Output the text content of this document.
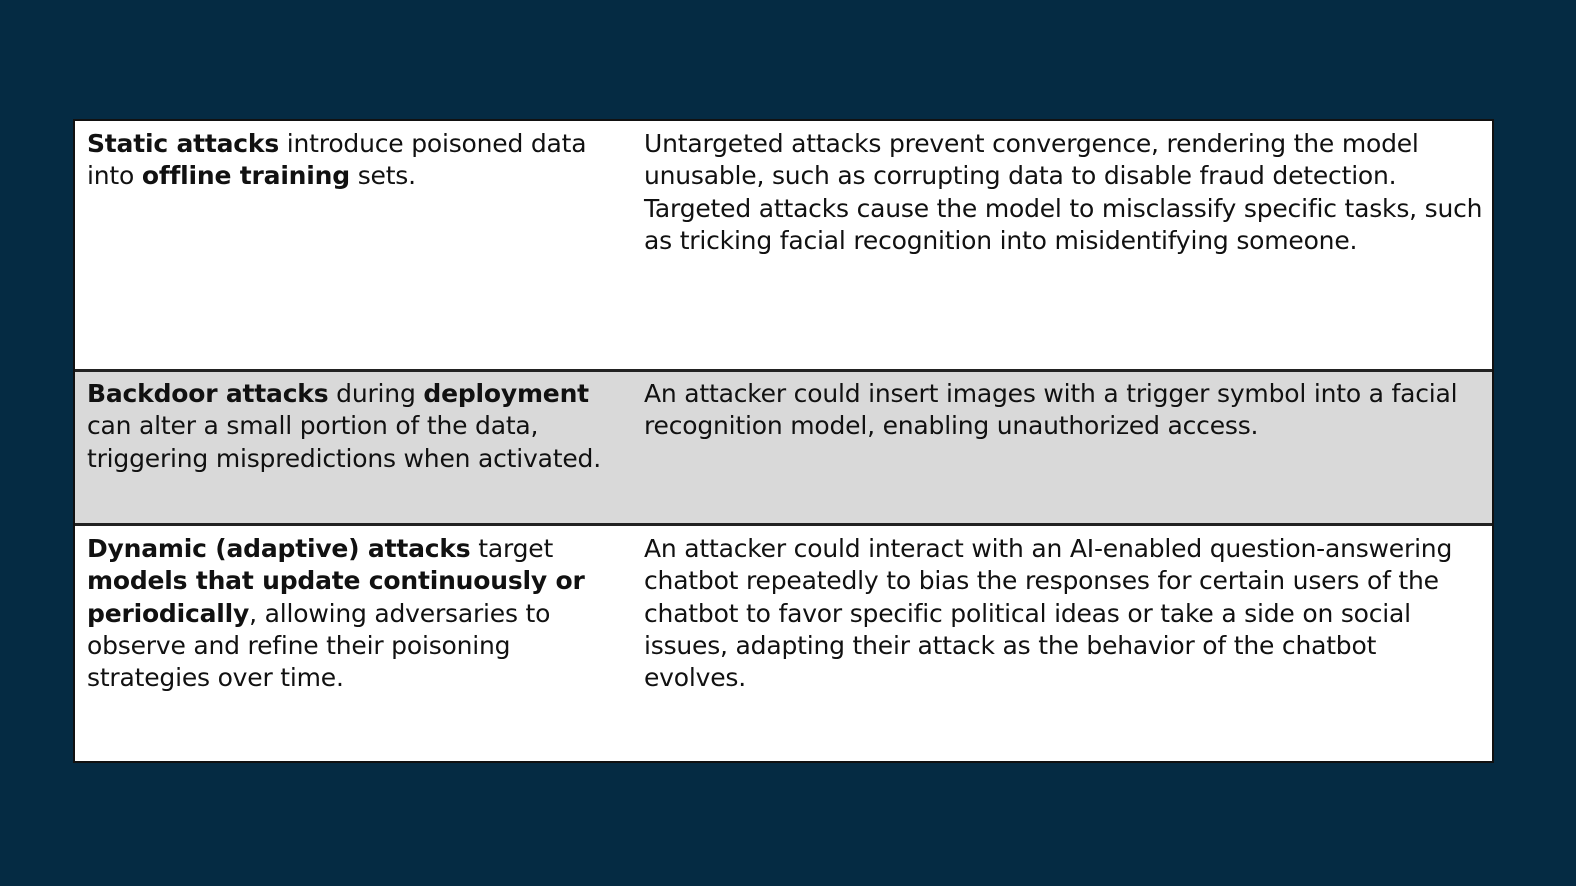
Static attacks introduce poisoned data into offline training sets.

Untargeted attacks prevent convergence, rendering the model unusable, such as corrupting data to disable fraud detection.

Targeted attacks cause the model to misclassify specific tasks, such as tricking facial recognition into misidentifying someone.

Backdoor attacks during deployment can alter a small portion of the data, triggering mispredictions when activated.

An attacker could insert images with a trigger symbol into a facial recognition model, enabling unauthorized access.

Dynamic (adaptive) attacks target models that update continuously or periodically, allowing adversaries to observe and refine their poisoning strategies over time.

An attacker could interact with an AI-enabled question-answering chatbot repeatedly to bias the responses for certain users of the chatbot to favor specific political ideas or take a side on social issues, adapting their attack as the behavior of the chatbot evolves.
